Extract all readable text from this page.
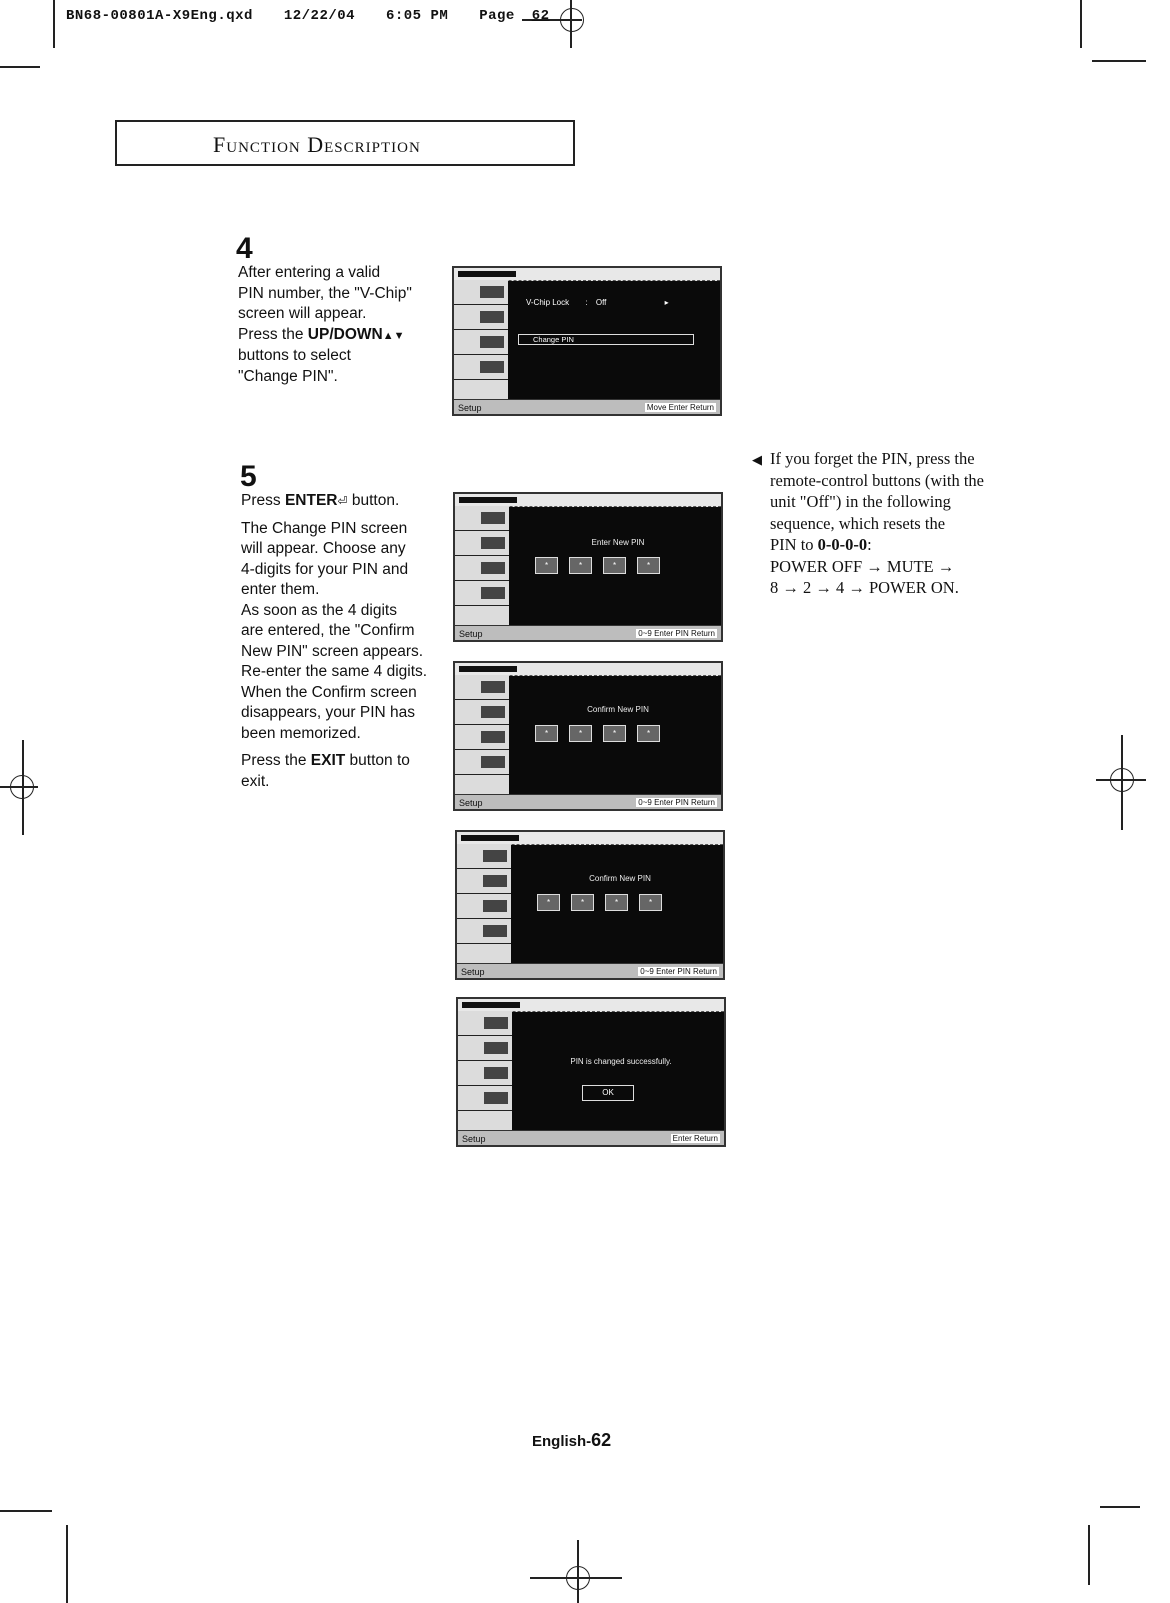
BN68-00801A-X9Eng.qxd 12/22/04 6:05 PM Page 62
Function Description
4
After entering a valid
PIN number, the "V-Chip"
screen will appear.
Press the UP/DOWN▲▼
buttons to select
"Change PIN".
V-Chip Lock : Off	▸
Change PIN
Setup	Move Enter Return
5

Press ENTER⏎ button.

The Change PIN screen
will appear. Choose any
4-digits for your PIN and
enter them.
As soon as the 4 digits
are entered, the "Confirm
New PIN" screen appears.
Re-enter the same 4 digits.
When the Confirm screen
disappears, your PIN has
been memorized.

Press the EXIT button to
exit.

Enter New PIN
*	*	*	*
Setup	0~9 Enter PIN Return
Confirm New PIN
*	*	*	*
Setup	0~9 Enter PIN Return
Confirm New PIN
*	*	*	*
Setup	0~9 Enter PIN Return
PIN is changed successfully.
OK
Setup	Enter Return
◀ If you forget the PIN, press the
remote-control buttons (with the
unit "Off") in the following
sequence, which resets the
PIN to 0-0-0-0:
POWER OFF → MUTE →
8 → 2 → 4 → POWER ON.
English-62
